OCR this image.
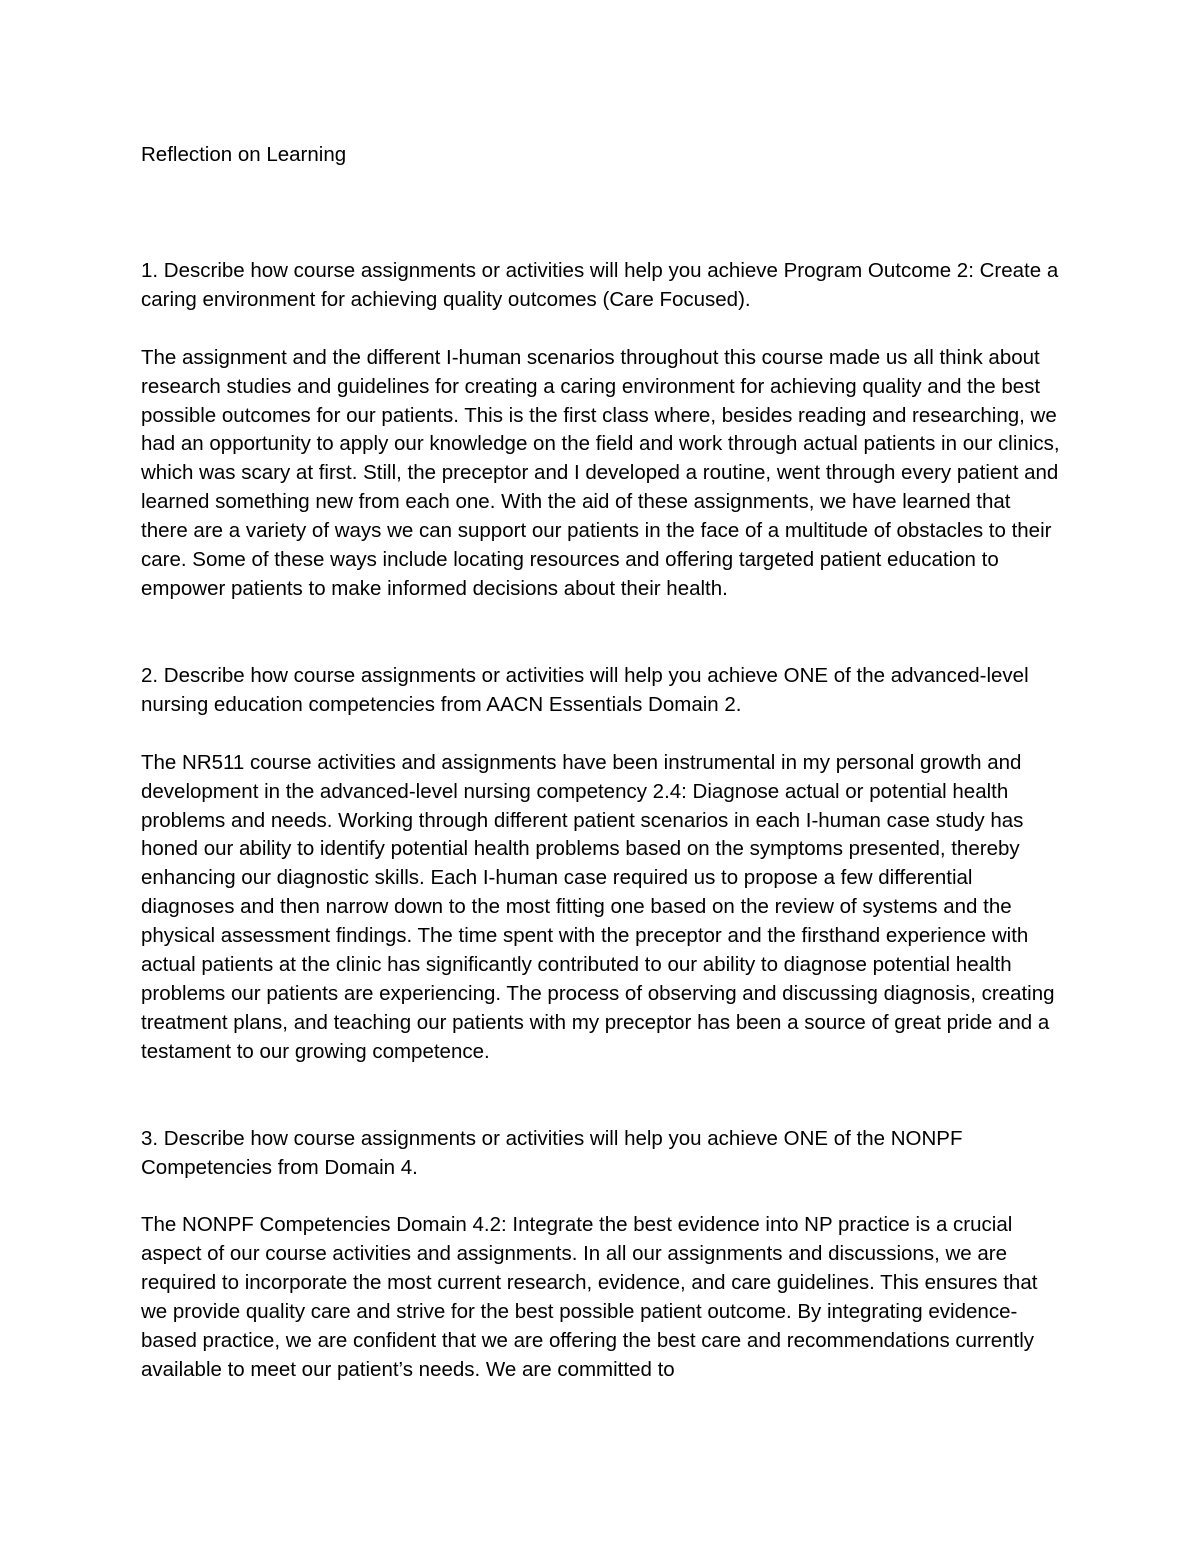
Reflection on Learning

1. Describe how course assignments or activities will help you achieve Program Outcome 2: Create a caring environment for achieving quality outcomes (Care Focused).

The assignment and the different I-human scenarios throughout this course made us all think about research studies and guidelines for creating a caring environment for achieving quality and the best possible outcomes for our patients. This is the first class where, besides reading and researching, we had an opportunity to apply our knowledge on the field and work through actual patients in our clinics, which was scary at first. Still, the preceptor and I developed a routine, went through every patient and learned something new from each one. With the aid of these assignments, we have learned that there are a variety of ways we can support our patients in the face of a multitude of obstacles to their care. Some of these ways include locating resources and offering targeted patient education to empower patients to make informed decisions about their health.

2. Describe how course assignments or activities will help you achieve ONE of the advanced-level nursing education competencies from AACN Essentials Domain 2.

The NR511 course activities and assignments have been instrumental in my personal growth and development in the advanced-level nursing competency 2.4: Diagnose actual or potential health problems and needs. Working through different patient scenarios in each I-human case study has honed our ability to identify potential health problems based on the symptoms presented, thereby enhancing our diagnostic skills. Each I-human case required us to propose a few differential diagnoses and then narrow down to the most fitting one based on the review of systems and the physical assessment findings. The time spent with the preceptor and the firsthand experience with actual patients at the clinic has significantly contributed to our ability to diagnose potential health problems our patients are experiencing. The process of observing and discussing diagnosis, creating treatment plans, and teaching our patients with my preceptor has been a source of great pride and a testament to our growing competence.

3. Describe how course assignments or activities will help you achieve ONE of the NONPF Competencies from Domain 4.

The NONPF Competencies Domain 4.2: Integrate the best evidence into NP practice is a crucial aspect of our course activities and assignments. In all our assignments and discussions, we are required to incorporate the most current research, evidence, and care guidelines. This ensures that we provide quality care and strive for the best possible patient outcome. By integrating evidence-based practice, we are confident that we are offering the best care and recommendations currently available to meet our patient’s needs. We are committed to
